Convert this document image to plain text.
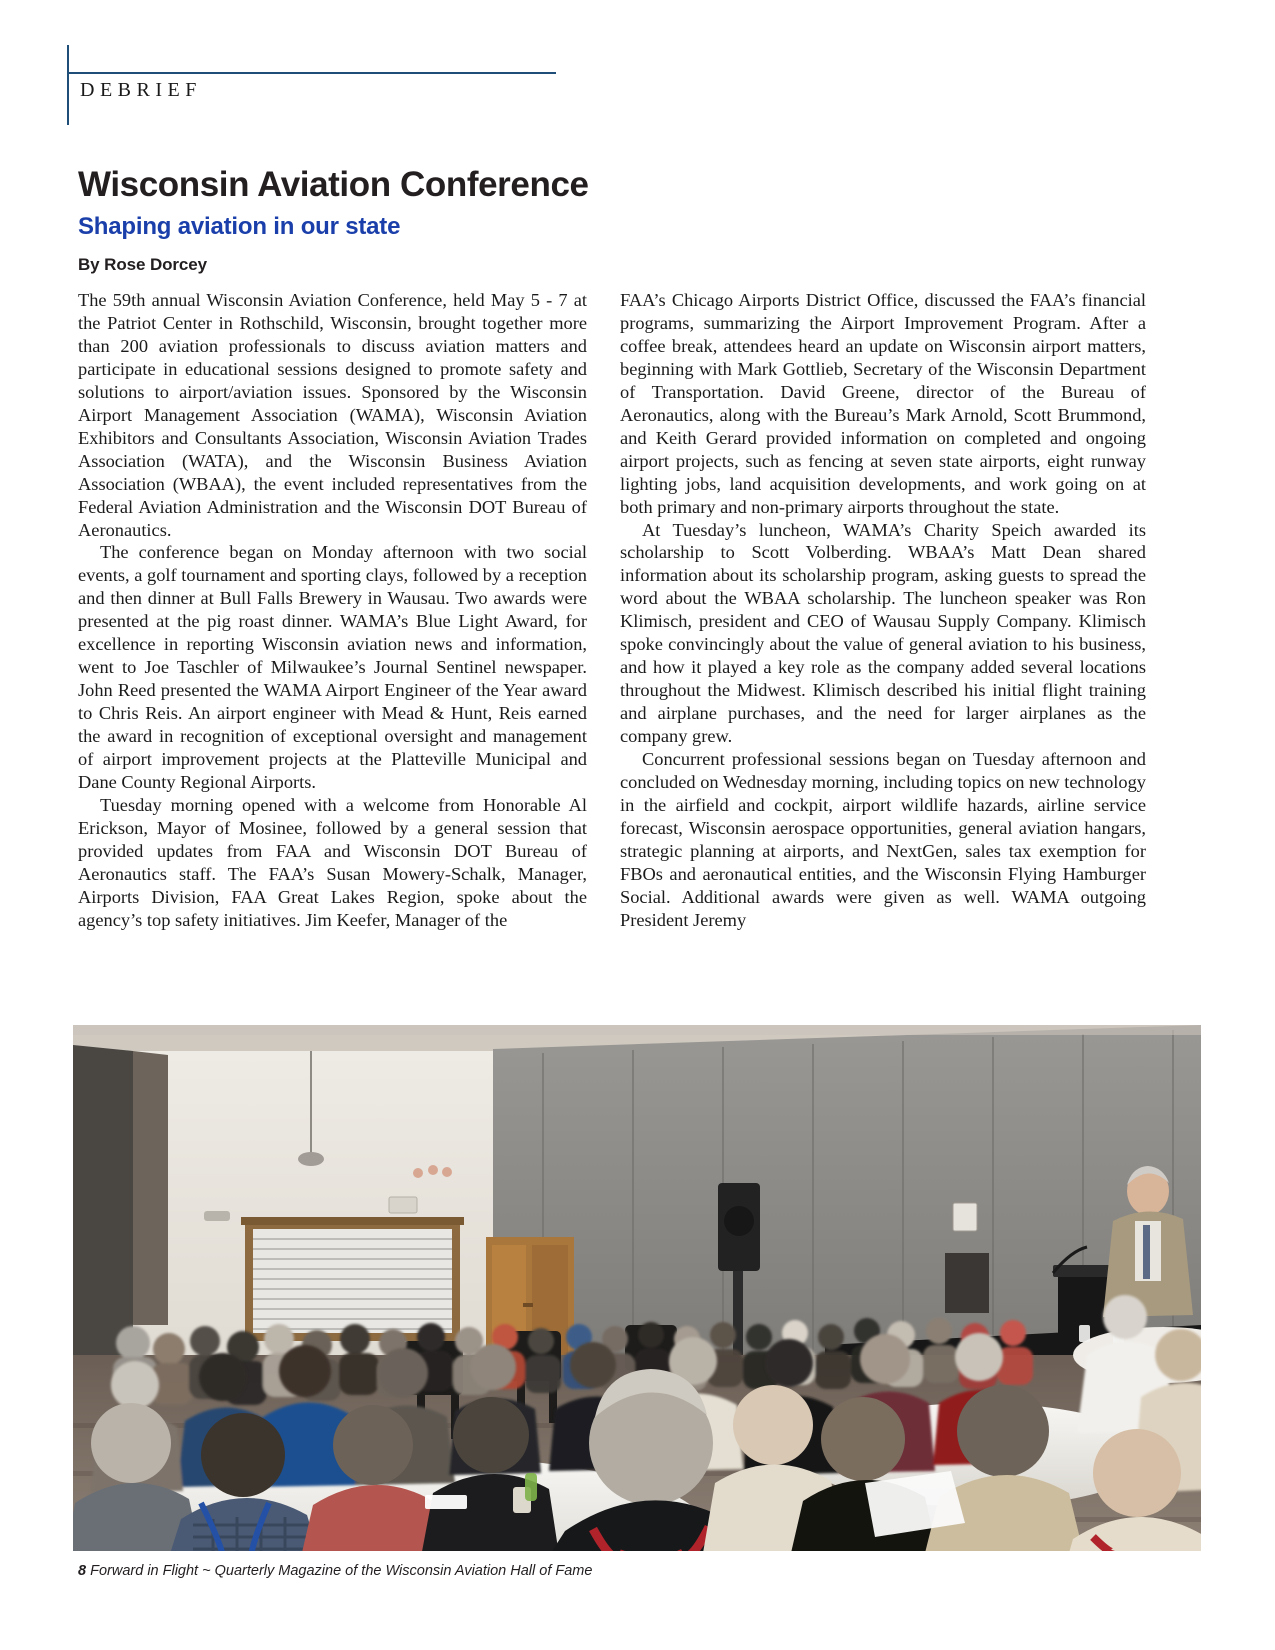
DEBRIEF
Wisconsin Aviation Conference
Shaping aviation in our state
By Rose Dorcey

The 59th annual Wisconsin Aviation Conference, held May 5 - 7 at the Patriot Center in Rothschild, Wisconsin, brought together more than 200 aviation professionals to discuss aviation matters and participate in educational sessions designed to promote safety and solutions to airport/aviation issues. Sponsored by the Wisconsin Airport Management Association (WAMA), Wisconsin Aviation Exhibitors and Consultants Association, Wisconsin Aviation Trades Association (WATA), and the Wisconsin Business Aviation Association (WBAA), the event included representatives from the Federal Aviation Administration and the Wisconsin DOT Bureau of Aeronautics.

The conference began on Monday afternoon with two social events, a golf tournament and sporting clays, followed by a reception and then dinner at Bull Falls Brewery in Wausau. Two awards were presented at the pig roast dinner. WAMA’s Blue Light Award, for excellence in reporting Wisconsin aviation news and information, went to Joe Taschler of Milwaukee’s Journal Sentinel newspaper. John Reed presented the WAMA Airport Engineer of the Year award to Chris Reis. An airport engineer with Mead & Hunt, Reis earned the award in recognition of exceptional oversight and management of airport improvement projects at the Platteville Municipal and Dane County Regional Airports.

Tuesday morning opened with a welcome from Honorable Al Erickson, Mayor of Mosinee, followed by a general session that provided updates from FAA and Wisconsin DOT Bureau of Aeronautics staff. The FAA’s Susan Mowery-Schalk, Manager, Airports Division, FAA Great Lakes Region, spoke about the agency’s top safety initiatives. Jim Keefer, Manager of the

FAA’s Chicago Airports District Office, discussed the FAA’s financial programs, summarizing the Airport Improvement Program. After a coffee break, attendees heard an update on Wisconsin airport matters, beginning with Mark Gottlieb, Secretary of the Wisconsin Department of Transportation. David Greene, director of the Bureau of Aeronautics, along with the Bureau’s Mark Arnold, Scott Brummond, and Keith Gerard provided information on completed and ongoing airport projects, such as fencing at seven state airports, eight runway lighting jobs, land acquisition developments, and work going on at both primary and non-primary airports throughout the state.

At Tuesday’s luncheon, WAMA’s Charity Speich awarded its scholarship to Scott Volberding. WBAA’s Matt Dean shared information about its scholarship program, asking guests to spread the word about the WBAA scholarship. The luncheon speaker was Ron Klimisch, president and CEO of Wausau Supply Company. Klimisch spoke convincingly about the value of general aviation to his business, and how it played a key role as the company added several locations throughout the Midwest. Klimisch described his initial flight training and airplane purchases, and the need for larger airplanes as the company grew.

Concurrent professional sessions began on Tuesday afternoon and concluded on Wednesday morning, including topics on new technology in the airfield and cockpit, airport wildlife hazards, airline service forecast, Wisconsin aerospace opportunities, general aviation hangars, strategic planning at airports, and NextGen, sales tax exemption for FBOs and aeronautical entities, and the Wisconsin Flying Hamburger Social. Additional awards were given as well. WAMA outgoing President Jeremy

8 Forward in Flight ~ Quarterly Magazine of the Wisconsin Aviation Hall of Fame
